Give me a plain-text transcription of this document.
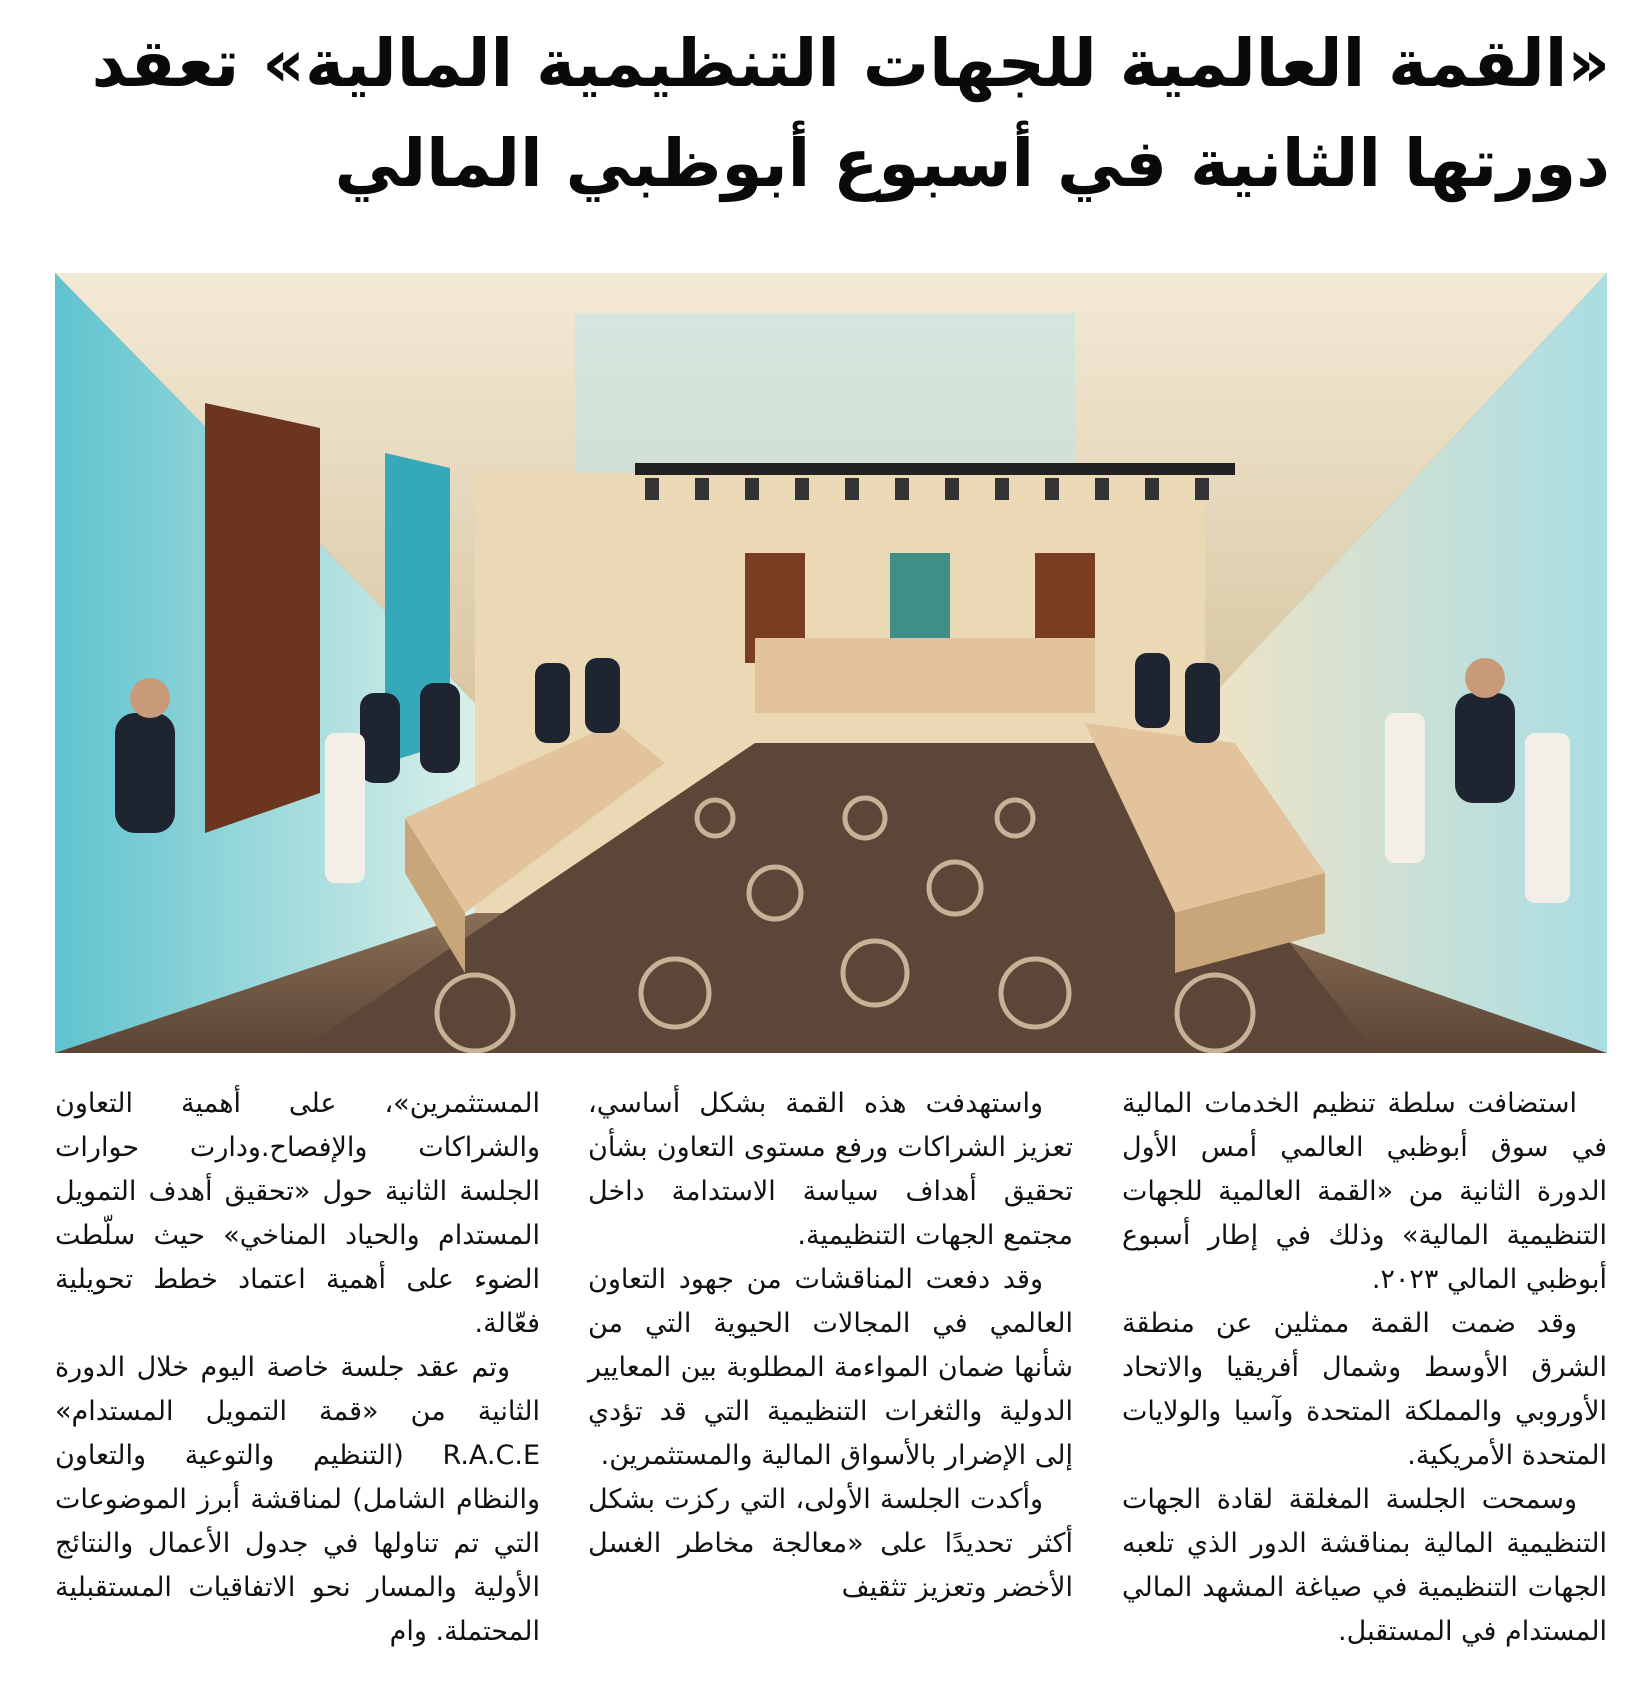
«القمة العالمية للجهات التنظيمية المالية» تعقد
دورتها الثانية في أسبوع أبوظبي المالي

استضافت سلطة تنظيم الخدمات المالية في سوق أبوظبي العالمي أمس الأول الدورة الثانية من «القمة العالمية للجهات التنظيمية المالية» وذلك في إطار أسبوع أبوظبي المالي ٢٠٢٣.

وقد ضمت القمة ممثلين عن منطقة الشرق الأوسط وشمال أفريقيا والاتحاد الأوروبي والمملكة المتحدة وآسيا والولايات المتحدة الأمريكية.

وسمحت الجلسة المغلقة لقادة الجهات التنظيمية المالية بمناقشة الدور الذي تلعبه الجهات التنظيمية في صياغة المشهد المالي المستدام في المستقبل.

واستهدفت هذه القمة بشكل أساسي، تعزيز الشراكات ورفع مستوى التعاون بشأن تحقيق أهداف سياسة الاستدامة داخل مجتمع الجهات التنظيمية.

وقد دفعت المناقشات من جهود التعاون العالمي في المجالات الحيوية التي من شأنها ضمان المواءمة المطلوبة بين المعايير الدولية والثغرات التنظيمية التي قد تؤدي إلى الإضرار بالأسواق المالية والمستثمرين.

وأكدت الجلسة الأولى، التي ركزت بشكل أكثر تحديدًا على «معالجة مخاطر الغسل الأخضر وتعزيز تثقيف

المستثمرين»، على أهمية التعاون والشراكات والإفصاح.ودارت حوارات الجلسة الثانية حول «تحقيق أهدف التمويل المستدام والحياد المناخي» حيث سلّطت الضوء على أهمية اعتماد خطط تحويلية فعّالة.

وتم عقد جلسة خاصة اليوم خلال الدورة الثانية من «قمة التمويل المستدام» R.A.C.E (التنظيم والتوعية والتعاون والنظام الشامل) لمناقشة أبرز الموضوعات التي تم تناولها في جدول الأعمال والنتائج الأولية والمسار نحو الاتفاقيات المستقبلية المحتملة. وام
